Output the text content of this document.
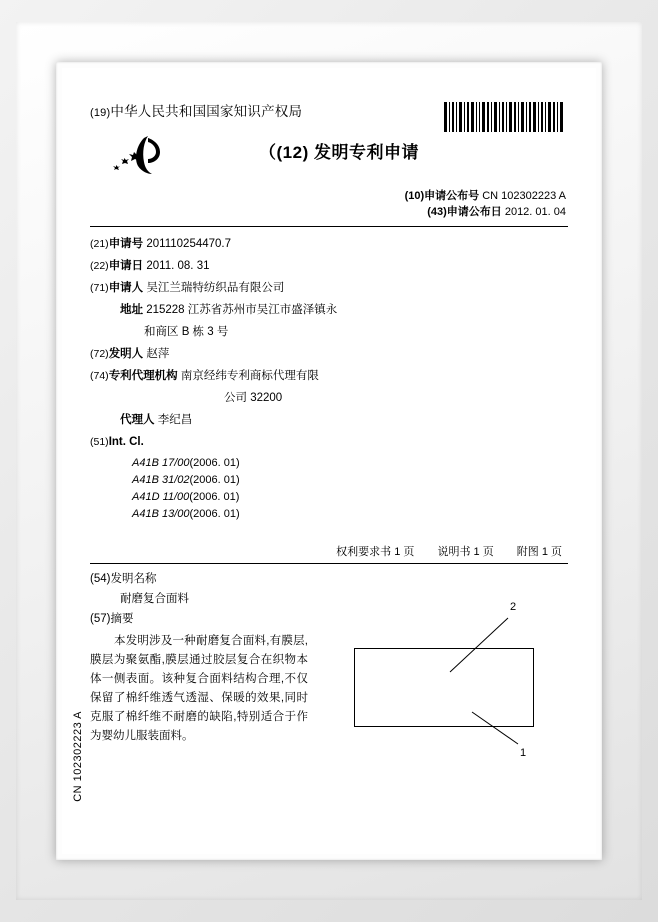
(19)中华人民共和国国家知识产权局
（(12) 发明专利申请
(10)申请公布号 CN 102302223 A
(43)申请公布日 2012. 01. 04
(21)申请号 201110254470.7
(22)申请日 2011. 08. 31
(71)申请人 吴江兰瑞特纺织品有限公司
地址 215228 江苏省苏州市吴江市盛泽镇永
和商区 B 栋 3 号
(72)发明人 赵萍
(74)专利代理机构 南京经纬专利商标代理有限
公司 32200
代理人 李纪昌
(51)Int. Cl.
A41B 17/00(2006. 01)
A41B 31/02(2006. 01)
A41D 11/00(2006. 01)
A41B 13/00(2006. 01)
权利要求书 1 页 说明书 1 页 附图 1 页
(54)发明名称
耐磨复合面料
(57)摘要
本发明涉及一种耐磨复合面料,有膜层,膜层为聚氨酯,膜层通过胶层复合在织物本体一侧表面。该种复合面料结构合理,不仅保留了棉纤维透气透湿、保暖的效果,同时克服了棉纤维不耐磨的缺陷,特别适合于作为婴幼儿服装面料。
2
1
CN 102302223 A
